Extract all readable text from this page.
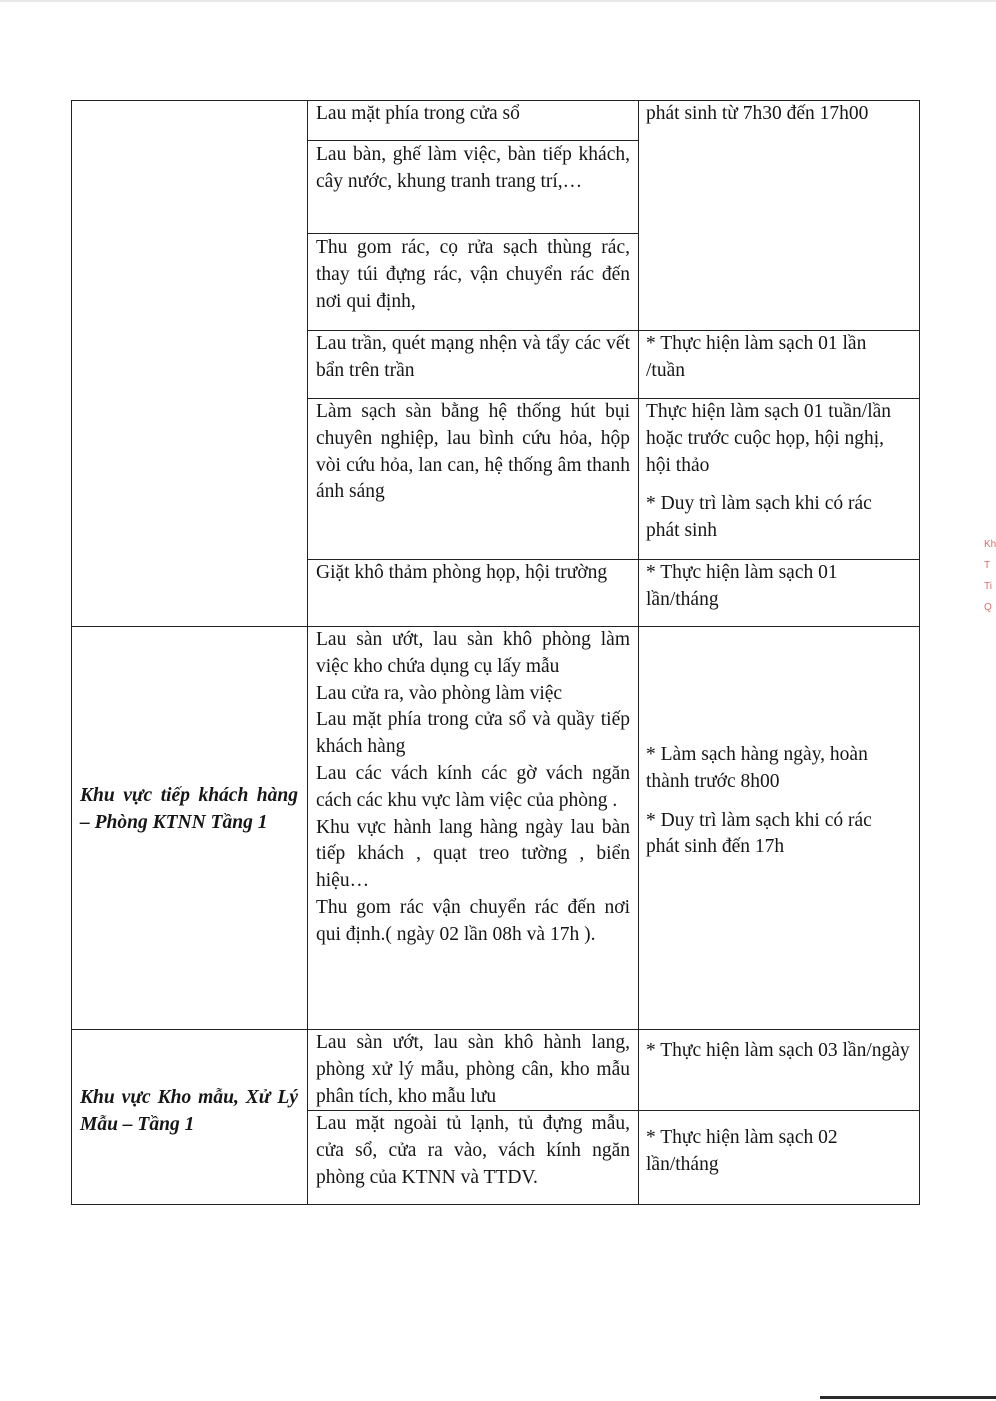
Lau mặt phía trong cửa sổ
Lau bàn, ghế làm việc, bàn tiếp khách, cây nước, khung tranh trang trí,…
Thu gom rác, cọ rửa sạch thùng rác, thay túi đựng rác, vận chuyển rác đến nơi qui định,
phát sinh từ 7h30 đến 17h00
Lau trần, quét mạng nhện và tẩy các vết bẩn trên trần
* Thực hiện làm sạch 01 lần /tuần
Làm sạch sàn bằng hệ thống hút bụi chuyên nghiệp, lau bình cứu hỏa, hộp vòi cứu hỏa, lan can, hệ thống âm thanh ánh sáng
Thực hiện làm sạch 01 tuần/lần hoặc trước cuộc họp, hội nghị, hội thảo
* Duy trì làm sạch khi có rác phát sinh
Giặt khô thảm phòng họp, hội trường	* Thực hiện làm sạch 01 lần/tháng
Khu vực tiếp khách hàng – Phòng KTNN Tầng 1
Lau sàn ướt, lau sàn khô phòng làm việc kho chứa dụng cụ lấy mẫu
Lau cửa ra, vào phòng làm việc
Lau mặt phía trong cửa sổ và quầy tiếp khách hàng
Lau các vách kính các gờ vách ngăn cách các khu vực làm việc của phòng .
Khu vực hành lang hàng ngày lau bàn tiếp khách , quạt treo tường , biển hiệu…
Thu gom rác vận chuyển rác đến nơi qui định.( ngày 02 lần 08h và 17h ).
* Làm sạch hàng ngày, hoàn thành trước 8h00
* Duy trì làm sạch khi có rác phát sinh đến 17h
Khu vực Kho mẫu, Xử Lý Mẫu – Tầng 1
Lau sàn ướt, lau sàn khô hành lang, phòng xử lý mẫu, phòng cân, kho mẫu phân tích, kho mẫu lưu
Lau mặt ngoài tủ lạnh, tủ đựng mẫu, cửa sổ, cửa ra vào, vách kính ngăn phòng của KTNN và TTDV.
* Thực hiện làm sạch 03 lần/ngày
* Thực hiện làm sạch 02 lần/tháng
Kh
T
Ti
Q
